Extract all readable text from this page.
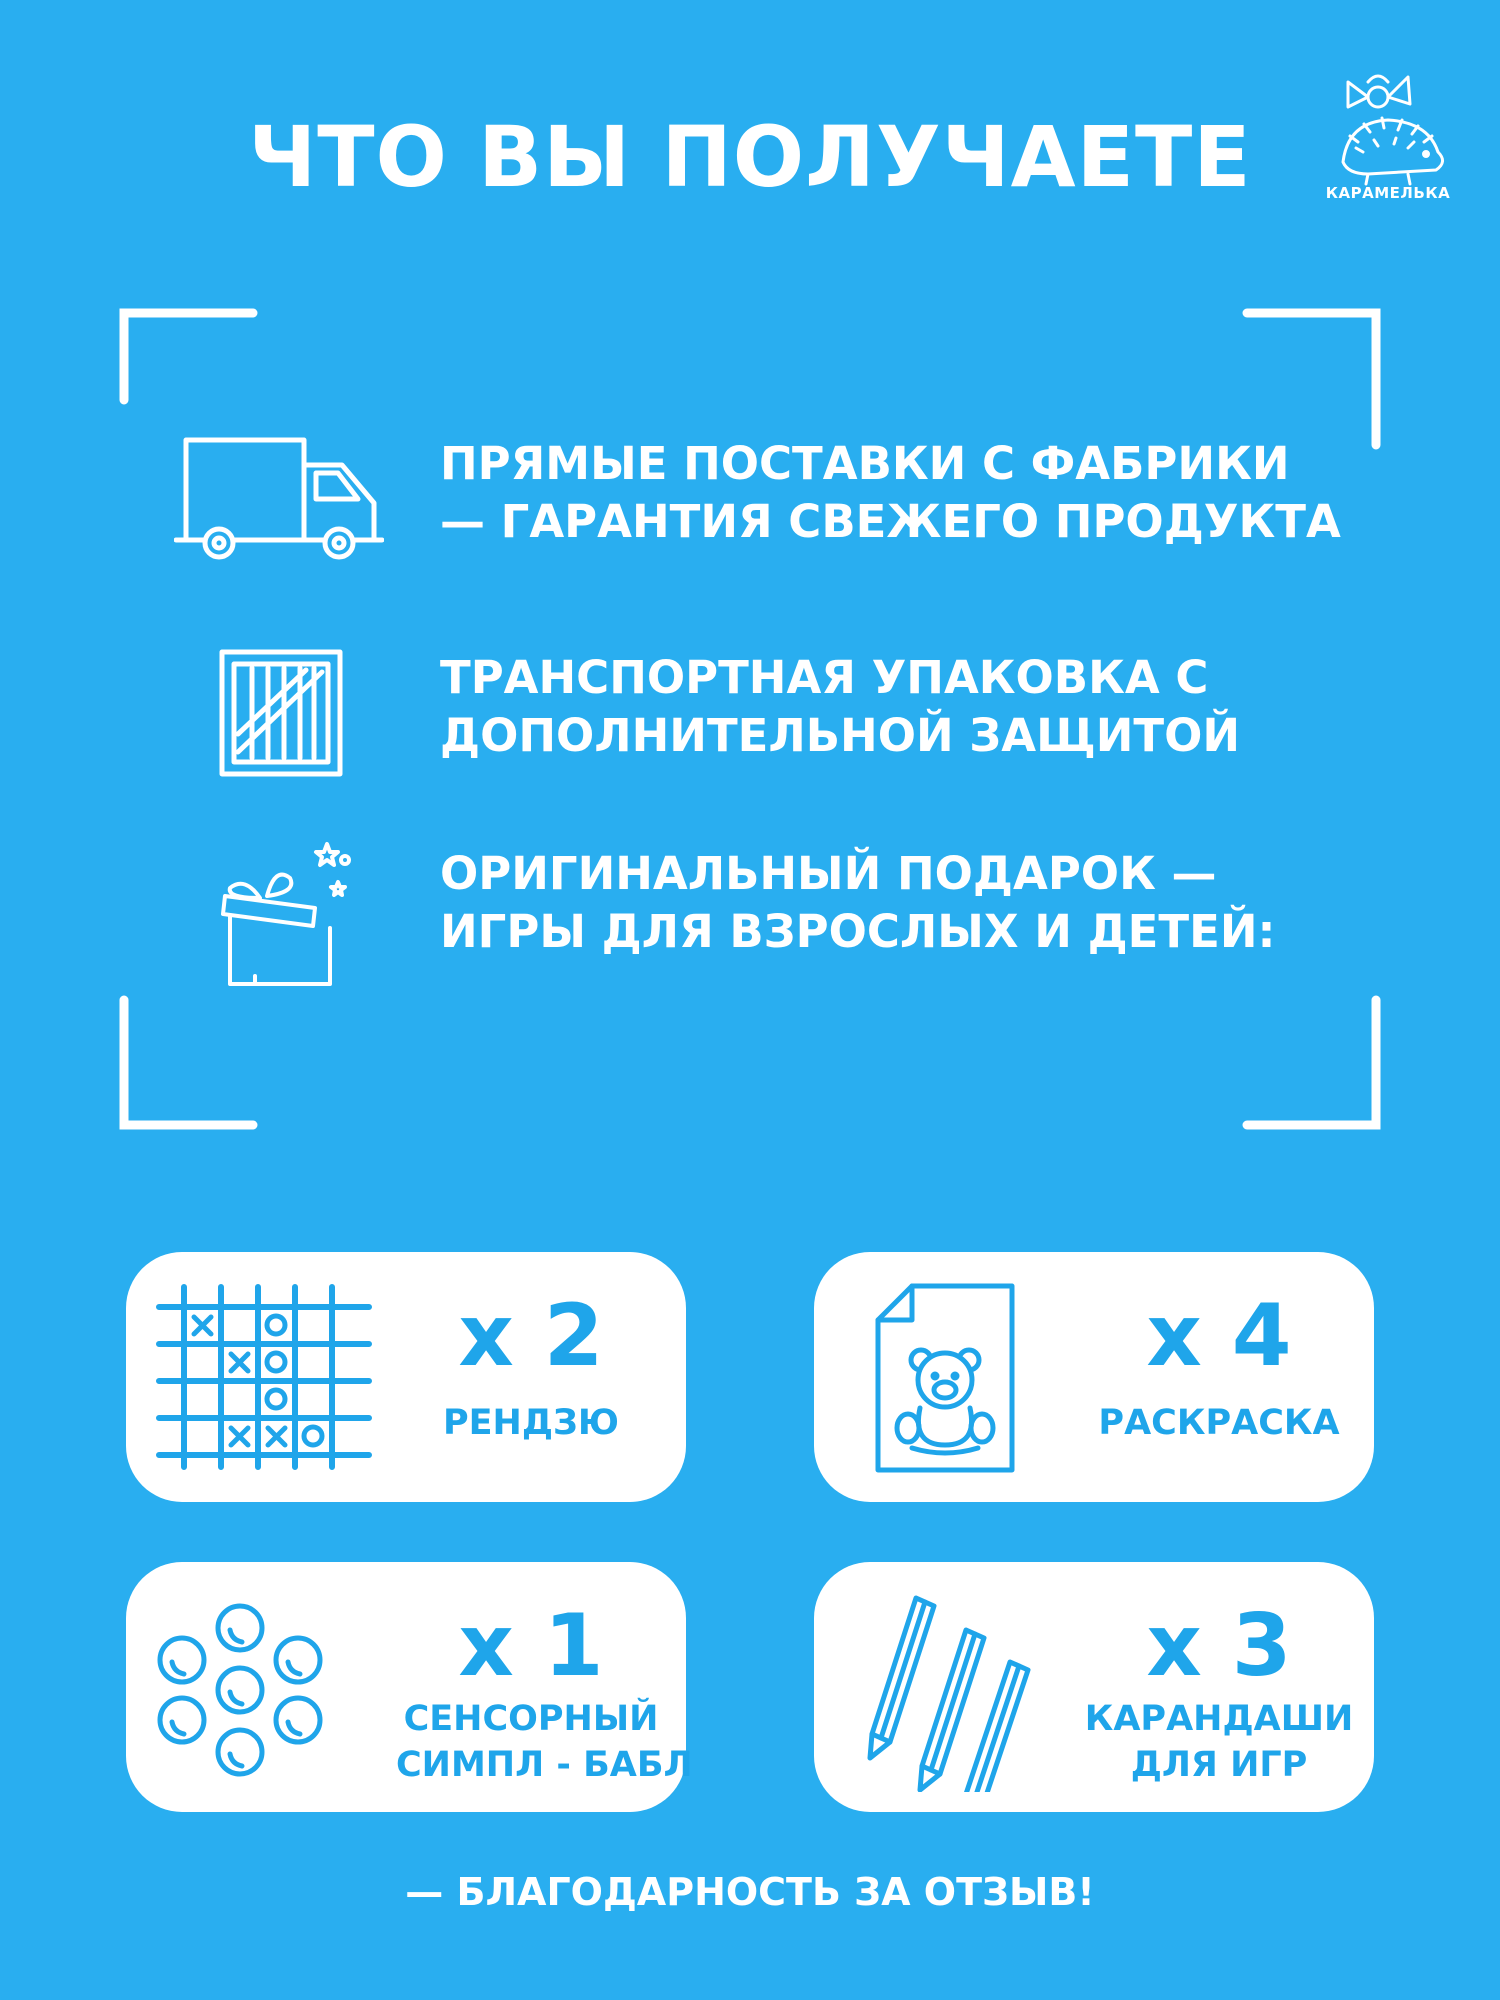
ЧТО ВЫ ПОЛУЧАЕТЕ	КАРАМЕЛЬКА
ПРЯМЫЕ ПОСТАВКИ С ФАБРИКИ
— ГАРАНТИЯ СВЕЖЕГО ПРОДУКТА
ТРАНСПОРТНАЯ УПАКОВКА С
ДОПОЛНИТЕЛЬНОЙ ЗАЩИТОЙ
ОРИГИНАЛЬНЫЙ ПОДАРОК —
ИГРЫ ДЛЯ ВЗРОСЛЫХ И ДЕТЕЙ:
х 2
РЕНДЗЮ
х 4
РАСКРАСКА
х 1
СЕНСОРНЫЙ
СИМПЛ - БАБЛ
х 3
КАРАНДАШИ
ДЛЯ ИГР
— БЛАГОДАРНОСТЬ ЗА ОТЗЫВ!
